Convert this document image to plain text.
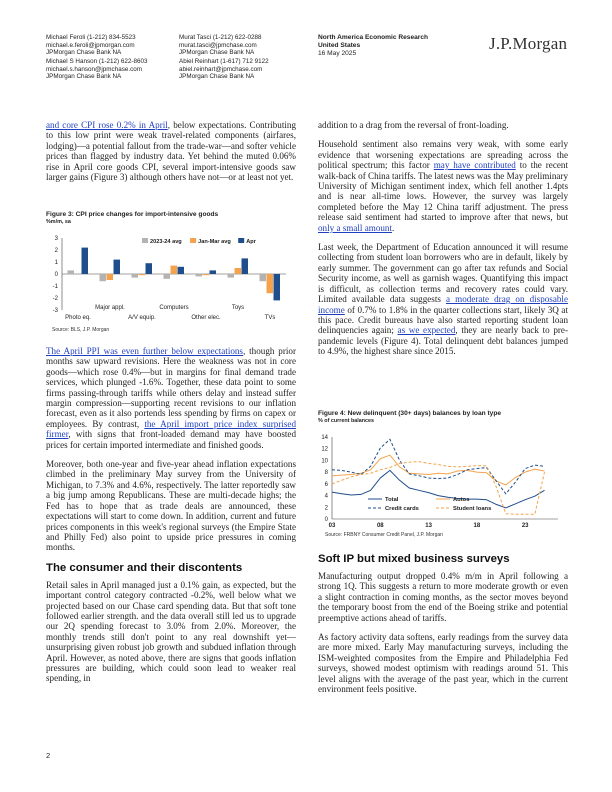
Michael Feroli (1-212) 834-5523
michael.e.feroli@jpmorgan.com
JPMorgan Chase Bank NA
Michael S Hanson (1-212) 622-8603
michael.s.hanson@jpmchase.com
JPMorgan Chase Bank NA
Murat Tasci (1-212) 622-0288
murat.tasci@jpmchase.com
JPMorgan Chase Bank NA
Abiel Reinhart (1-617) 712 9122
abiel.reinhart@jpmchase.com
JPMorgan Chase Bank NA
North America Economic Research
United States
16 May 2025
J.P.Morgan

and core CPI rose 0.2% in April, below expectations. Contributing to this low print were weak travel-related components (airfares, lodging)—a potential fallout from the trade-war—and softer vehicle prices than flagged by industry data. Yet behind the muted 0.06% rise in April core goods CPI, several import-intensive goods saw larger gains (Figure 3) although others have not—or at least not yet.

Figure 3: CPI price changes for import-intensive goods
%m/m, sa
3
2
1
0
-1
-2
-3
Photo eq.
Major appl.
A/V equip.
Computers
Other elec.
Toys
TVs
2023-24 avg	Jan-Mar avg	Apr
Source: BLS, J.P. Morgan

The April PPI was even further below expectations, though prior months saw upward revisions. Here the weakness was not in core goods—which rose 0.4%—but in margins for final demand trade services, which plunged -1.6%. Together, these data point to some firms passing-through tariffs while others delay and instead suffer margin compression—supporting recent revisions to our inflation forecast, even as it also portends less spending by firms on capex or employees. By contrast, the April import price index surprised firmer, with signs that front-loaded demand may have boosted prices for certain imported intermediate and finished goods.

Moreover, both one-year and five-year ahead inflation expectations climbed in the preliminary May survey from the University of Michigan, to 7.3% and 4.6%, respectively. The latter reportedly saw a big jump among Republicans. These are multi-decade highs; the Fed has to hope that as trade deals are announced, these expectations will start to come down. In addition, current and future prices components in this week's regional surveys (the Empire State and Philly Fed) also point to upside price pressures in coming months.

The consumer and their discontents

Retail sales in April managed just a 0.1% gain, as expected, but the important control category contracted -0.2%, well below what we projected based on our Chase card spending data. But that soft tone followed earlier strength. and the data overall still led us to upgrade our 2Q spending forecast to 3.0% from 2.0%. Moreover, the monthly trends still don't point to any real downshift yet—unsurprising given robust job growth and subdued inflation through April. However, as noted above, there are signs that goods inflation pressures are building, which could soon lead to weaker real spending, in

addition to a drag from the reversal of front-loading.

Household sentiment also remains very weak, with some early evidence that worsening expectations are spreading across the political spectrum; this factor may have contributed to the recent walk-back of China tariffs. The latest news was the May preliminary University of Michigan sentiment index, which fell another 1.4pts and is near all-time lows. However, the survey was largely completed before the May 12 China tariff adjustment. The press release said sentiment had started to improve after that news, but only a small amount.

Last week, the Department of Education announced it will resume collecting from student loan borrowers who are in default, likely by early summer. The government can go after tax refunds and Social Security income, as well as garnish wages. Quantifying this impact is difficult, as collection terms and recovery rates could vary. Limited available data suggests a moderate drag on disposable income of 0.7% to 1.8% in the quarter collections start, likely 3Q at this pace. Credit bureaus have also started reporting student loan delinquencies again; as we expected, they are nearly back to pre-pandemic levels (Figure 4). Total delinquent debt balances jumped to 4.9%, the highest share since 2015.

Figure 4: New delinquent (30+ days) balances by loan type
% of current balances
14
12
10
8
6
4
2
0
03	08	13	18	23
Total	Autos
Credit cards	Student loans
Source: FRBNY Consumer Credit Panel, J.P. Morgan
Soft IP but mixed business surveys

Manufacturing output dropped 0.4% m/m in April following a strong 1Q. This suggests a return to more moderate growth or even a slight contraction in coming months, as the sector moves beyond the temporary boost from the end of the Boeing strike and potential preemptive actions ahead of tariffs.

As factory activity data softens, early readings from the survey data are more mixed. Early May manufacturing surveys, including the ISM-weighted composites from the Empire and Philadelphia Fed surveys, showed modest optimism with readings around 51. This level aligns with the average of the past year, which in the current environment feels positive.

2
